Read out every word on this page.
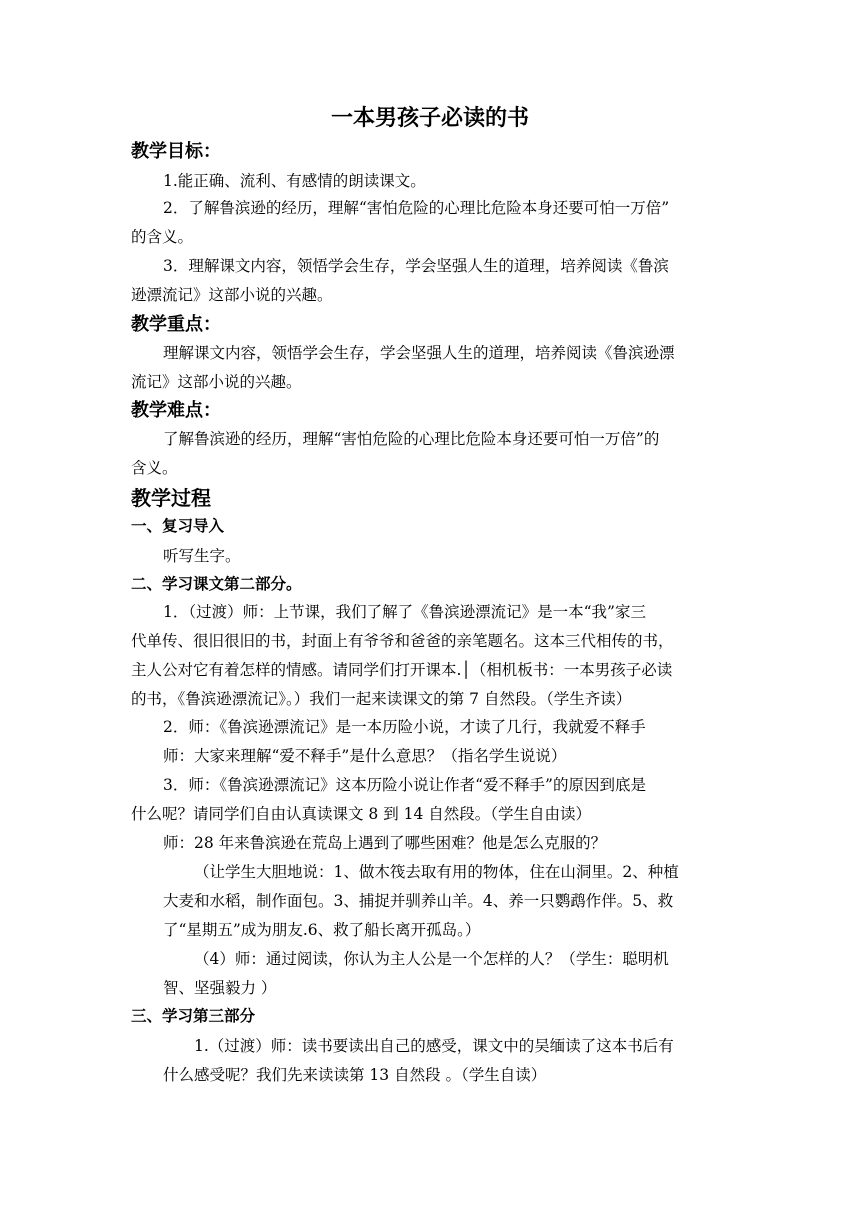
一本男孩子必读的书
教学目标：

1.能正确、流利、有感情的朗读课文。

2．了解鲁滨逊的经历，理解“害怕危险的心理比危险本身还要可怕一万倍”

的含义。

3．理解课文内容，领悟学会生存，学会坚强人生的道理，培养阅读《鲁滨

逊漂流记》这部小说的兴趣。

教学重点：

理解课文内容，领悟学会生存，学会坚强人生的道理，培养阅读《鲁滨逊漂

流记》这部小说的兴趣。

教学难点：

了解鲁滨逊的经历，理解“害怕危险的心理比危险本身还要可怕一万倍”的

含义。

教学过程
一、复习导入

听写生字。

二、学习课文第二部分。

1．（过渡）师：上节课，我们了解了《鲁滨逊漂流记》是一本“我”家三

代单传、很旧很旧的书，封面上有爷爷和爸爸的亲笔题名。这本三代相传的书，

主人公对它有着怎样的情感。请同学们打开课本.│（相机板书：一本男孩子必读

的书，《鲁滨逊漂流记》。）我们一起来读课文的第 7 自然段。（学生齐读）

2．师：《鲁滨逊漂流记》是一本历险小说，才读了几行，我就爱不释手

师：大家来理解“爱不释手”是什么意思？（指名学生说说）

3．师：《鲁滨逊漂流记》这本历险小说让作者“爱不释手”的原因到底是

什么呢？请同学们自由认真读课文 8 到 14 自然段。（学生自由读）

师：28 年来鲁滨逊在荒岛上遇到了哪些困难？他是怎么克服的？

（让学生大胆地说：1、做木筏去取有用的物体，住在山洞里。2、种植

大麦和水稻，制作面包。3、捕捉并驯养山羊。4、养一只鹦鹉作伴。5、救

了“星期五”成为朋友.6、救了船长离开孤岛。）

（4）师：通过阅读，你认为主人公是一个怎样的人？（学生：聪明机

智、坚强毅力 ）

三、学习第三部分

1.（过渡）师：读书要读出自己的感受，课文中的吴缅读了这本书后有

什么感受呢？我们先来读读第 13 自然段 。（学生自读）
